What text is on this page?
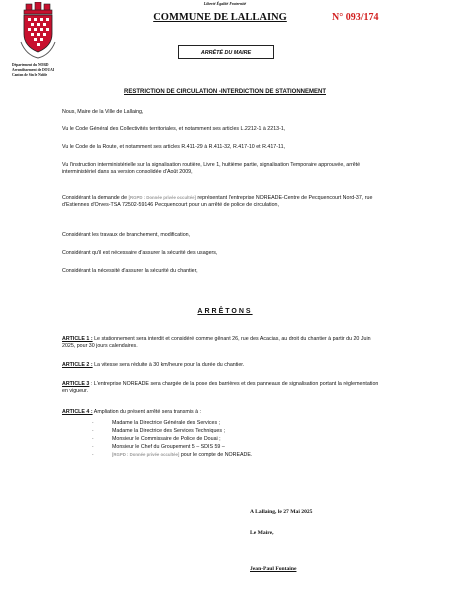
Liberté Égalité Fraternité
COMMUNE DE LALLAING	N° 093/174
Département du NORD
Arrondissement de DOUAI
Canton de Sin le Noble
ARRÊTÉ DU MAIRE
RESTRICTION DE CIRCULATION -INTERDICTION DE STATIONNEMENT
Nous, Maire de la Ville de Lallaing,
Vu le Code Général des Collectivités territoriales, et notamment ses articles L.2212-1 à 2213-1,
Vu le Code de la Route, et notamment ses articles R.411-29 à R.411-32, R.417-10 et R.417-11,
Vu l'instruction interministérielle sur la signalisation routière, Livre 1, huitième partie, signalisation Temporaire approuvée, arrêté interministériel dans sa version consolidée d'Août 2009,
Considérant la demande de [RGPD : Donnée privée occultée] représentant l'entreprise NOREADE-Centre de Pecquencourt Nord-37, rue d'Estiennes d'Orves-TSA 72502-59146 Pecquencourt pour un arrêté de police de circulation,
Considérant les travaux de branchement, modification,
Considérant qu'il est nécessaire d'assurer la sécurité des usagers,
Considérant la nécessité d'assurer la sécurité du chantier,
ARRÊTONS
ARTICLE 1 : Le stationnement sera interdit et considéré comme gênant 26, rue des Acacias, au droit du chantier à partir du 20 Juin 2025, pour 30 jours calendaires.
ARTICLE 2 : La vitesse sera réduite à 30 km/heure pour la durée du chantier.
ARTICLE 3 : L'entreprise NOREADE sera chargée de la pose des barrières et des panneaux de signalisation portant la réglementation en vigueur.
ARTICLE 4 : Ampliation du présent arrêté sera transmis à :
·	Madame la Directrice Générale des Services ;
·	Madame la Directrice des Services Techniques ;
·	Monsieur le Commissaire de Police de Douai ;
·	Monsieur le Chef du Groupement 5 – SDIS 59 –
·	[RGPD : Donnée privée occultée] pour le compte de NOREADE.
A Lallaing, le 27 Mai 2025
Le Maire,
Jean-Paul Fontaine
